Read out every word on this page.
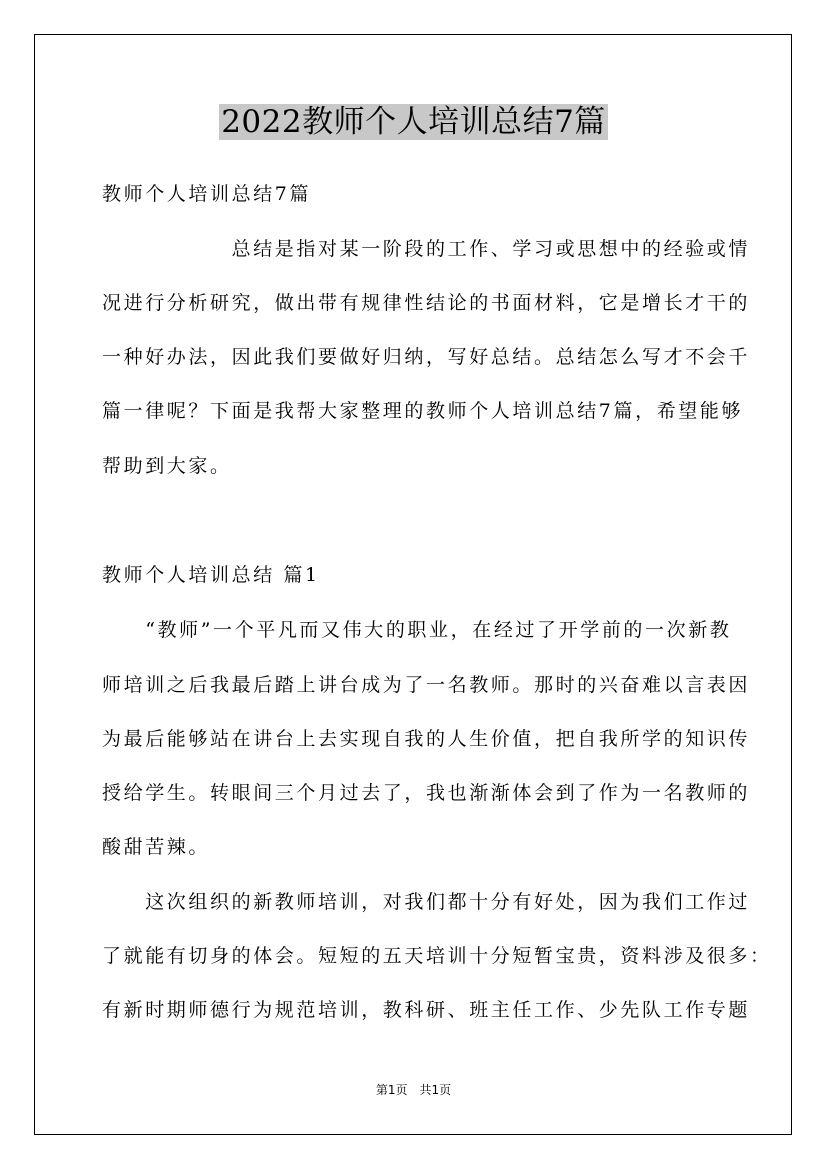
2022教师个人培训总结7篇
教师个人培训总结7篇
　　　　　　总结是指对某一阶段的工作、学习或思想中的经验或情
况进行分析研究，做出带有规律性结论的书面材料，它是增长才干的
一种好办法，因此我们要做好归纳，写好总结。总结怎么写才不会千
篇一律呢？下面是我帮大家整理的教师个人培训总结7篇，希望能够
帮助到大家。
教师个人培训总结 篇1
　　“教师”一个平凡而又伟大的职业，在经过了开学前的一次新教
师培训之后我最后踏上讲台成为了一名教师。那时的兴奋难以言表因
为最后能够站在讲台上去实现自我的人生价值，把自我所学的知识传
授给学生。转眼间三个月过去了，我也渐渐体会到了作为一名教师的
酸甜苦辣。
　　这次组织的新教师培训，对我们都十分有好处，因为我们工作过
了就能有切身的体会。短短的五天培训十分短暂宝贵，资料涉及很多：
有新时期师德行为规范培训，教科研、班主任工作、少先队工作专题
第1页　共1页
